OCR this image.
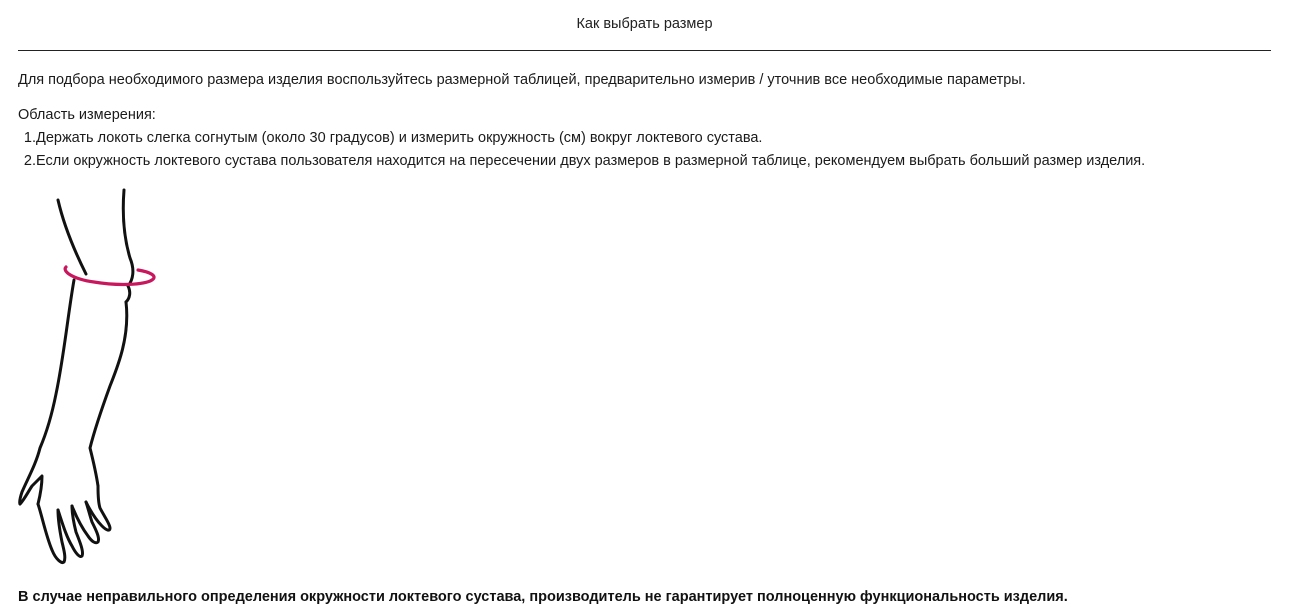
Как выбрать размер
Для подбора необходимого размера изделия воспользуйтесь размерной таблицей, предварительно измерив / уточнив все необходимые параметры.
Область измерения:
1. Держать локоть слегка согнутым (около 30 градусов) и измерить окружность (см) вокруг локтевого сустава.
2. Если окружность локтевого сустава пользователя находится на пересечении двух размеров в размерной таблице, рекомендуем выбрать больший размер изделия.
В случае неправильного определения окружности локтевого сустава, производитель не гарантирует полноценную функциональность изделия.
